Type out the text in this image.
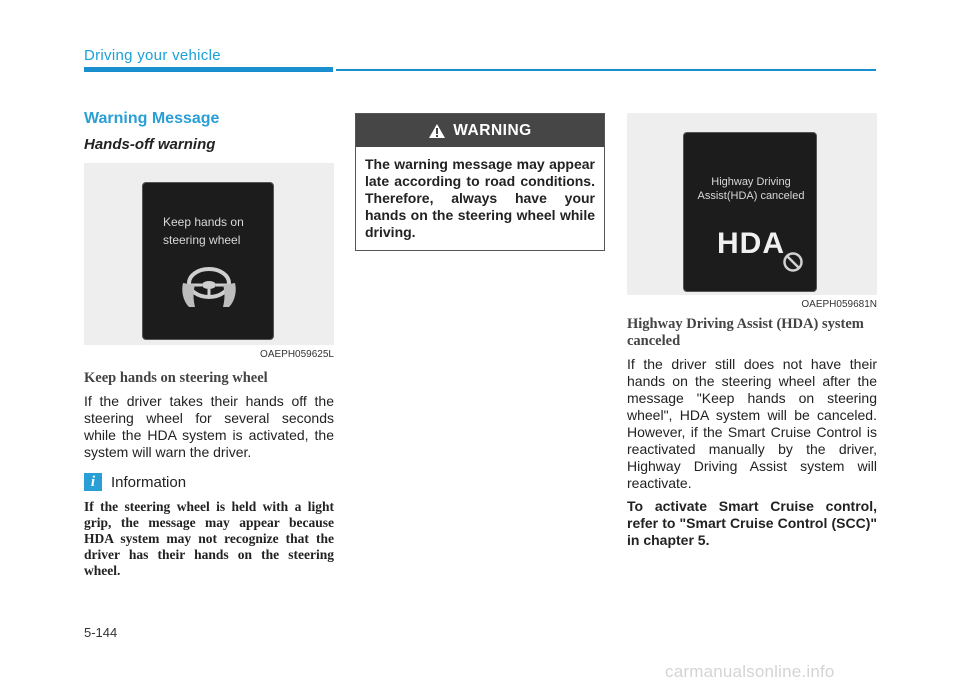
Driving your vehicle
Warning Message
Hands-off warning
Keep hands on steering wheel
OAEPH059625L
Keep hands on steering wheel
If the driver takes their hands off the steering wheel for several seconds while the HDA system is activated, the system will warn the driver.
i	Information
If the steering wheel is held with a light grip, the message may appear because HDA system may not recognize that the driver has their hands on the steering wheel.
WARNING
The warning message may appear late according to road conditions. Therefore, always have your hands on the steering wheel while driving.
Highway Driving Assist(HDA) canceled
HDA
OAEPH059681N
Highway Driving Assist (HDA) system canceled
If the driver still does not have their hands on the steering wheel after the message "Keep hands on steering wheel", HDA system will be canceled. However, if the Smart Cruise Control is reactivated manually by the driver, Highway Driving Assist system will reactivate.
To activate Smart Cruise control, refer to "Smart Cruise Control (SCC)" in chapter 5.
5-144
carmanualsonline.info
